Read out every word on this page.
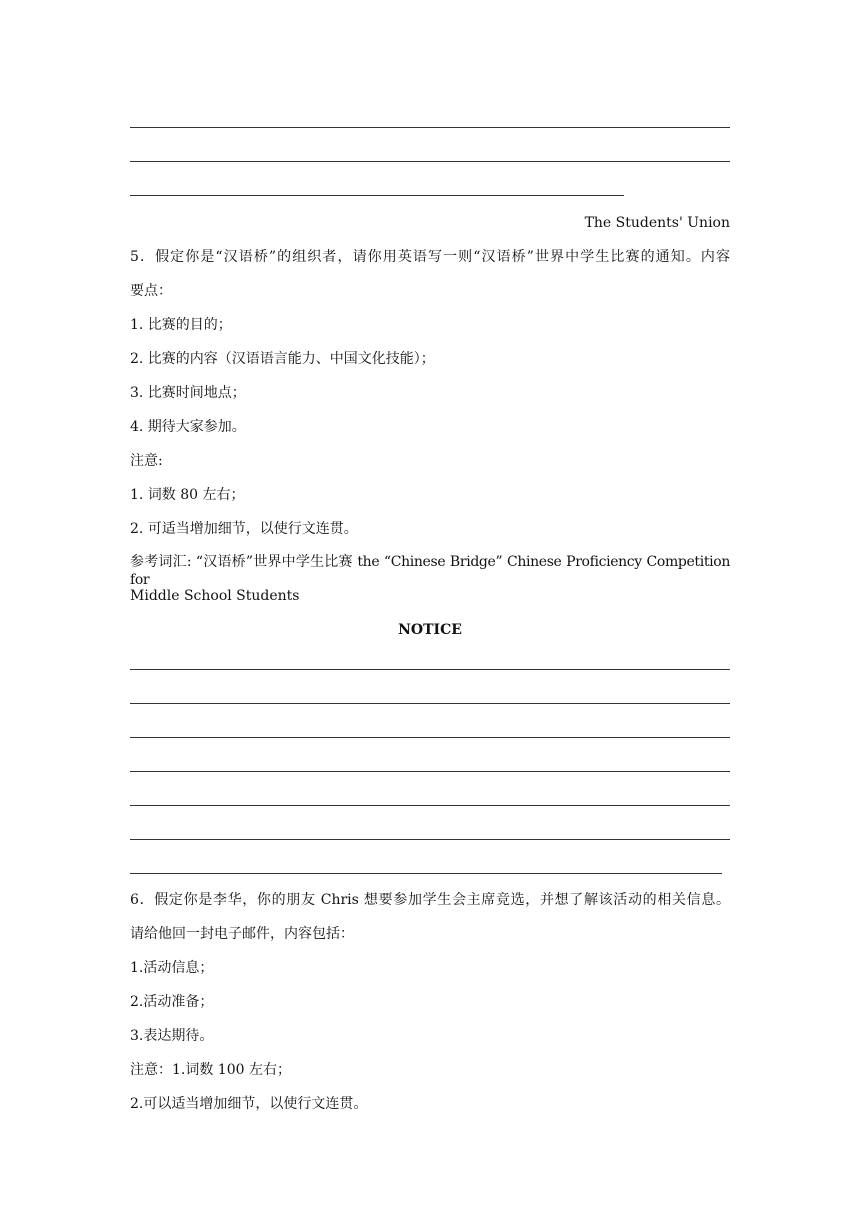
The Students' Union
5．假定你是“汉语桥”的组织者，请你用英语写一则“汉语桥”世界中学生比赛的通知。内容
要点：
1. 比赛的目的；
2. 比赛的内容（汉语语言能力、中国文化技能）；
3. 比赛时间地点；
4. 期待大家参加。
注意:
1. 词数 80 左右；
2. 可适当增加细节，以使行文连贯。
参考词汇: “汉语桥”世界中学生比赛 the “Chinese Bridge” Chinese Proficiency Competition for
Middle School Students
NOTICE
6．假定你是李华，你的朋友 Chris 想要参加学生会主席竞选，并想了解该活动的相关信息。
请给他回一封电子邮件，内容包括：
1.活动信息；
2.活动准备；
3.表达期待。
注意：1.词数 100 左右；
2.可以适当增加细节，以使行文连贯。
